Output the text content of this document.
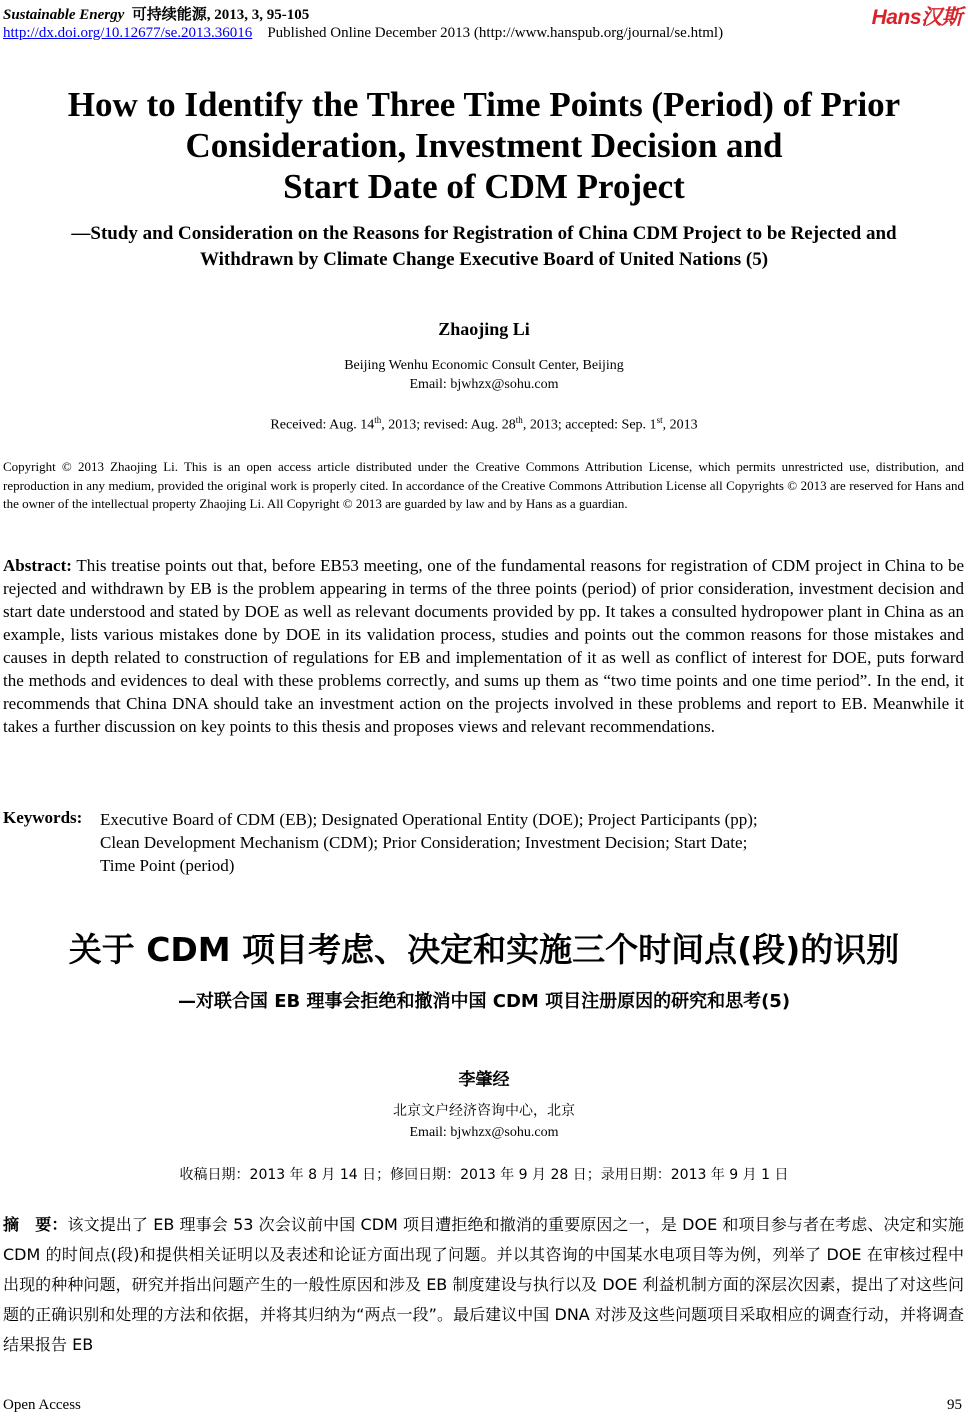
Sustainable Energy 可持续能源, 2013, 3, 95-105	Hans汉斯
http://dx.doi.org/10.12677/se.2013.36016 Published Online December 2013 (http://www.hanspub.org/journal/se.html)
How to Identify the Three Time Points (Period) of Prior
Consideration, Investment Decision and
Start Date of CDM Project
—Study and Consideration on the Reasons for Registration of China CDM Project to be Rejected and
Withdrawn by Climate Change Executive Board of United Nations (5)
Zhaojing Li
Beijing Wenhu Economic Consult Center, Beijing
Email: bjwhzx@sohu.com
Received: Aug. 14th, 2013; revised: Aug. 28th, 2013; accepted: Sep. 1st, 2013
Copyright © 2013 Zhaojing Li. This is an open access article distributed under the Creative Commons Attribution License, which permits unrestricted use, distribution, and reproduction in any medium, provided the original work is properly cited. In accordance of the Creative Commons Attribution License all Copyrights © 2013 are reserved for Hans and the owner of the intellectual property Zhaojing Li. All Copyright © 2013 are guarded by law and by Hans as a guardian.
Abstract: This treatise points out that, before EB53 meeting, one of the fundamental reasons for registration of CDM project in China to be rejected and withdrawn by EB is the problem appearing in terms of the three points (period) of prior consideration, investment decision and start date understood and stated by DOE as well as relevant documents provided by pp. It takes a consulted hydropower plant in China as an example, lists various mistakes done by DOE in its validation process, studies and points out the common reasons for those mistakes and causes in depth related to construction of regulations for EB and implementation of it as well as conflict of interest for DOE, puts forward the methods and evidences to deal with these problems correctly, and sums up them as “two time points and one time period”. In the end, it recommends that China DNA should take an investment action on the projects involved in these problems and report to EB. Meanwhile it takes a further discussion on key points to this thesis and proposes views and relevant recommendations.
Keywords: Executive Board of CDM (EB); Designated Operational Entity (DOE); Project Participants (pp);
Clean Development Mechanism (CDM); Prior Consideration; Investment Decision; Start Date;
Time Point (period)
关于 CDM 项目考虑、决定和实施三个时间点(段)的识别
—对联合国 EB 理事会拒绝和撤消中国 CDM 项目注册原因的研究和思考(5)
李肇经
北京文户经济咨询中心，北京
Email: bjwhzx@sohu.com
收稿日期：2013 年 8 月 14 日；修回日期：2013 年 9 月 28 日；录用日期：2013 年 9 月 1 日
摘　要：该文提出了 EB 理事会 53 次会议前中国 CDM 项目遭拒绝和撤消的重要原因之一，是 DOE 和项目参与者在考虑、决定和实施 CDM 的时间点(段)和提供相关证明以及表述和论证方面出现了问题。并以其咨询的中国某水电项目等为例，列举了 DOE 在审核过程中出现的种种问题，研究并指出问题产生的一般性原因和涉及 EB 制度建设与执行以及 DOE 利益机制方面的深层次因素，提出了对这些问题的正确识别和处理的方法和依据，并将其归纳为“两点一段”。最后建议中国 DNA 对涉及这些问题项目采取相应的调查行动，并将调查结果报告 EB
Open Access	95
